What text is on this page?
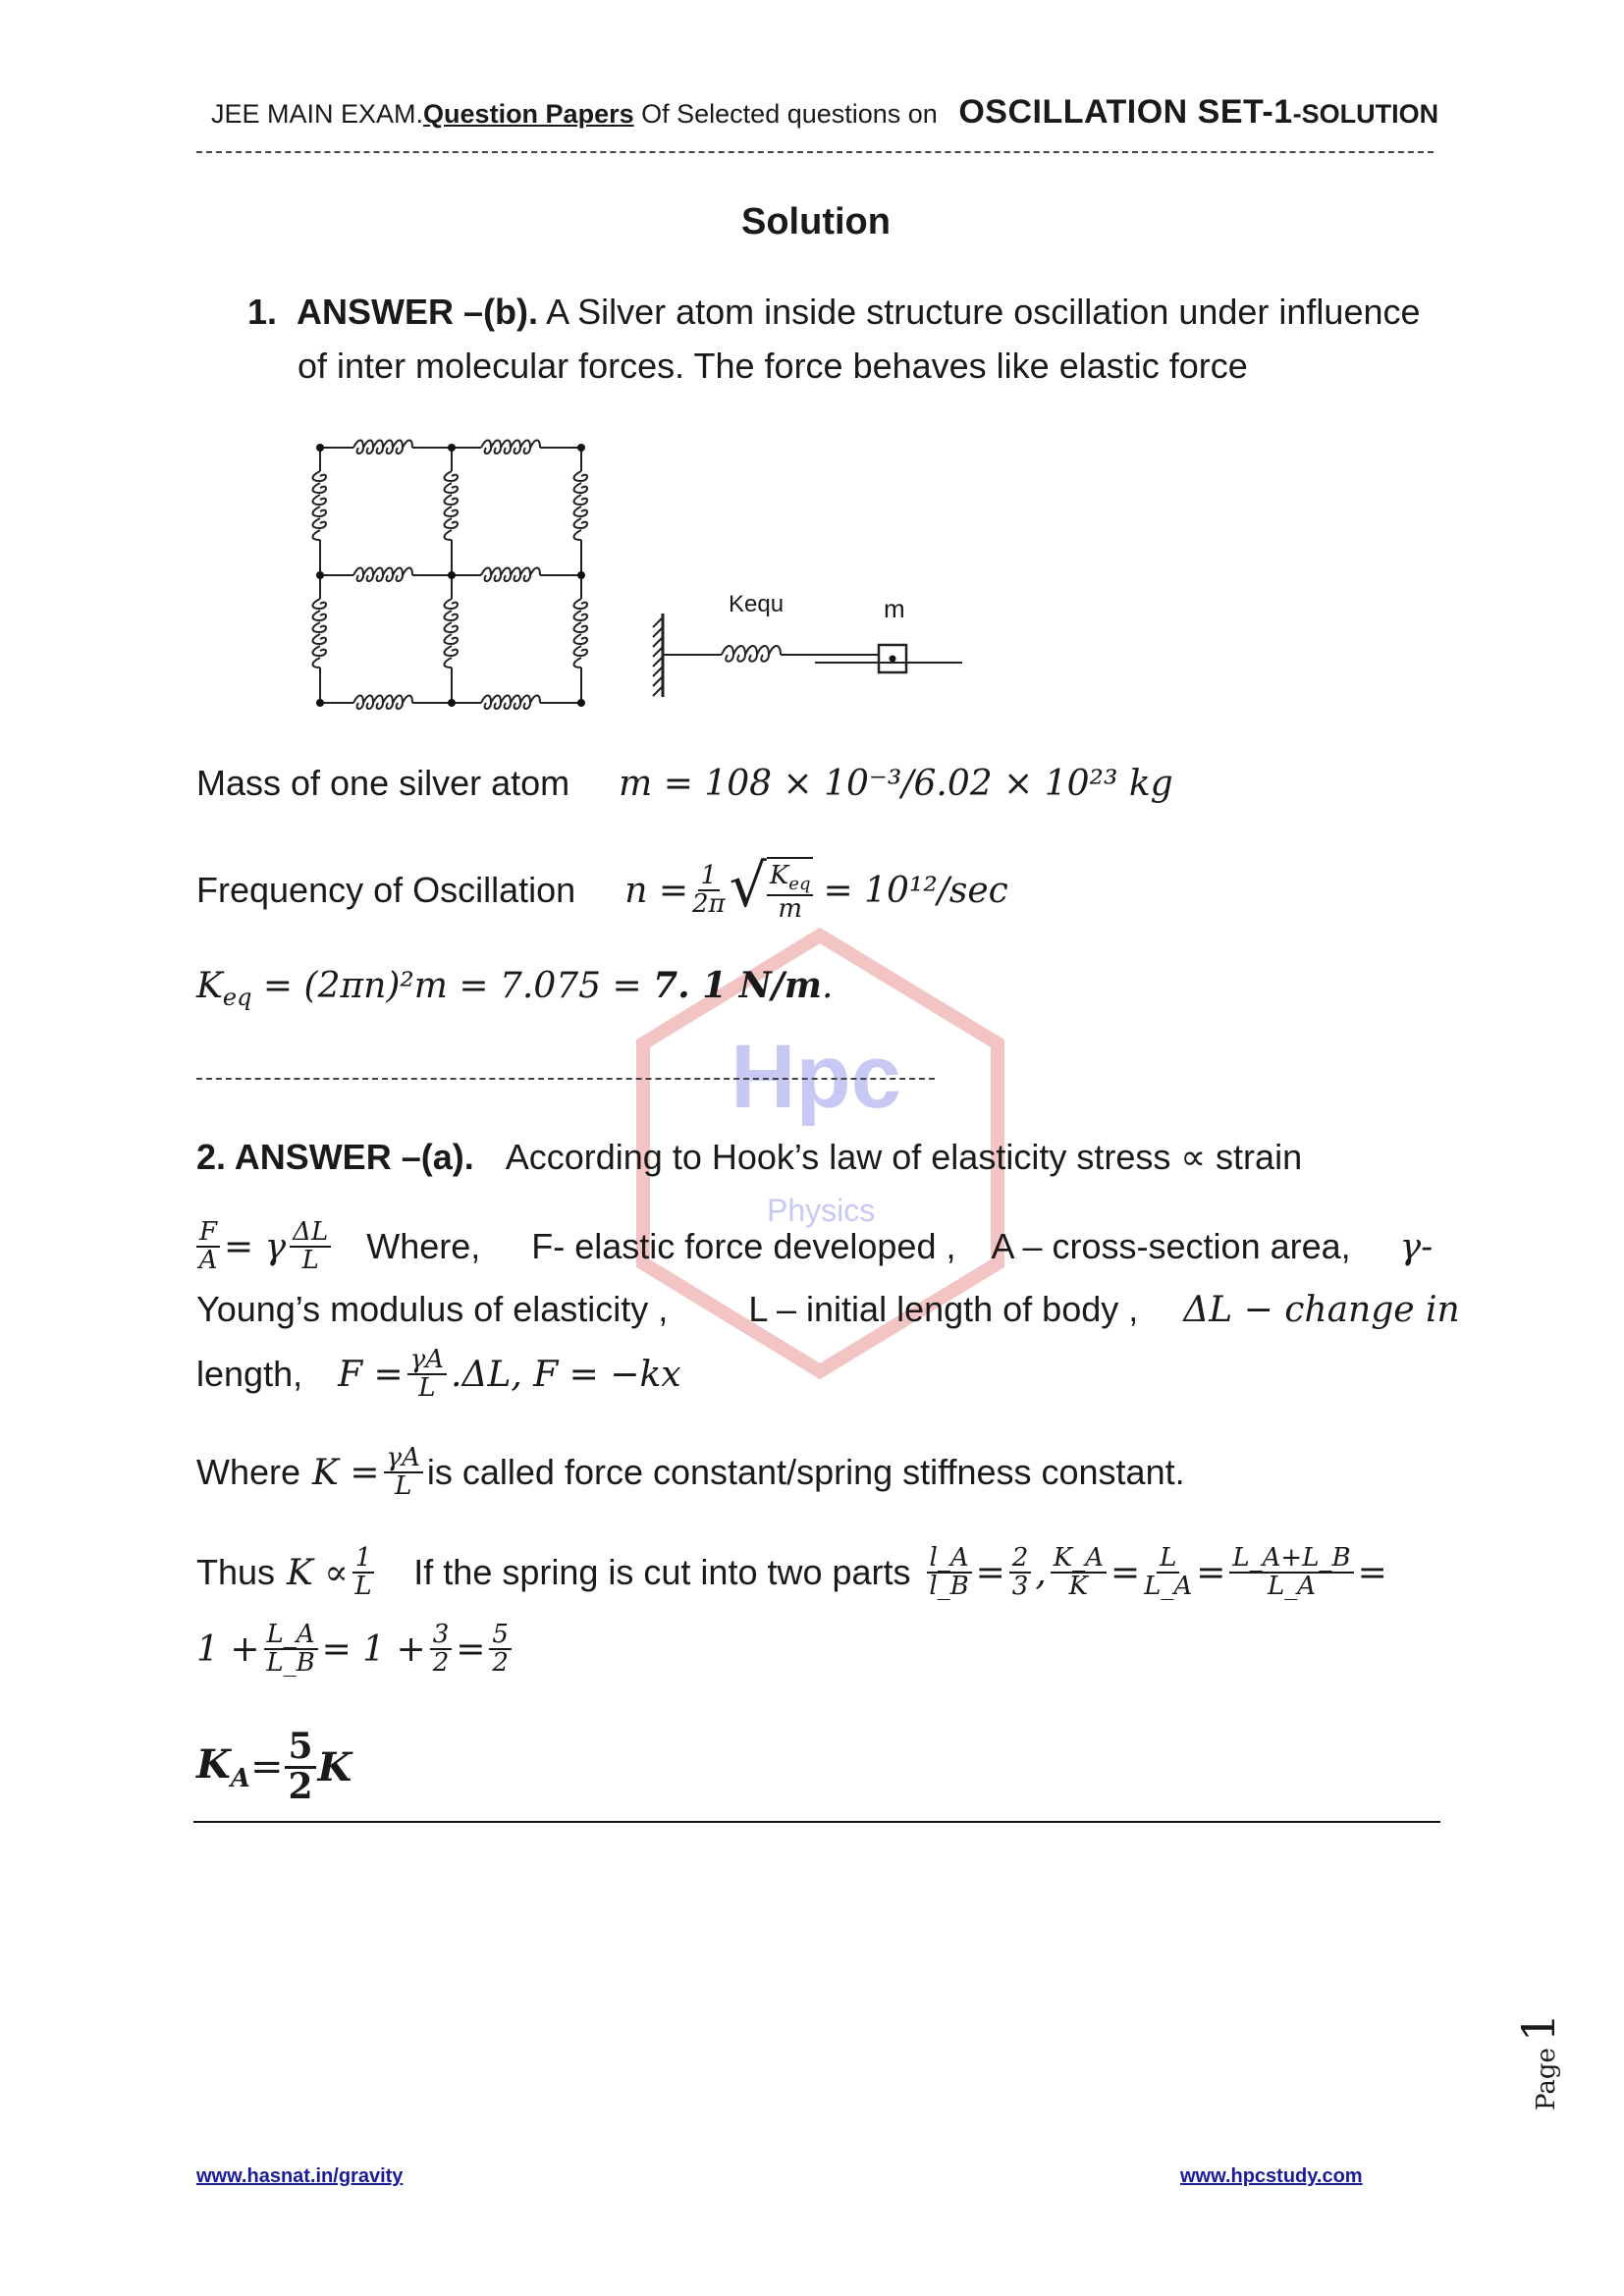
Hpc
Physics
JEE MAIN EXAM.Question Papers Of Selected questions on OSCILLATION SET-1-SOLUTION
Solution
1. ANSWER –(b). A Silver atom inside structure oscillation under influence
of inter molecular forces. The force behaves like elastic force
Kequ	m
Mass of one silver atom m = 108 × 10⁻³/6.02 × 10²³ kg
Frequency of Oscillation $n = \frac{1}{2\pi}$ √ $\frac{K_{eq}}{m} = 10^{12}/\sec$
$K_{eq} = (2\pi n)^2m = 7.075 = 7$. 1 N/m.
2. ANSWER –(a). According to Hook’s law of elasticity stress ∝ strain
$\frac{F}{A} = \gamma \frac{\Delta L}{L}$ Where, F- elastic force developed , A – cross-section area, γ-
Young’s modulus of elasticity , L – initial length of body , ΔL − change in
length, $F = \frac{\gamma A}{L} .\Delta L$, F = −kx
Where $K = \frac{\gamma A}{L}$ is called force constant/spring stiffness constant.
Thus $K \propto \frac{1}{L}$ If the spring is cut into two parts $\frac{l\_A}{l\_B} = \frac{2}{3}$ , $\frac{K\_A}{K} = \frac{L}{L\_A} = \frac{L\_A+L\_B}{L\_A}$ =
$1 + \frac{L\_A}{L\_B} = 1 + \frac{3}{2} = \frac{5}{2}$
$K_A = \frac{5}{2}$ K
Page1
www.hasnat.in/gravity	www.hpcstudy.com
